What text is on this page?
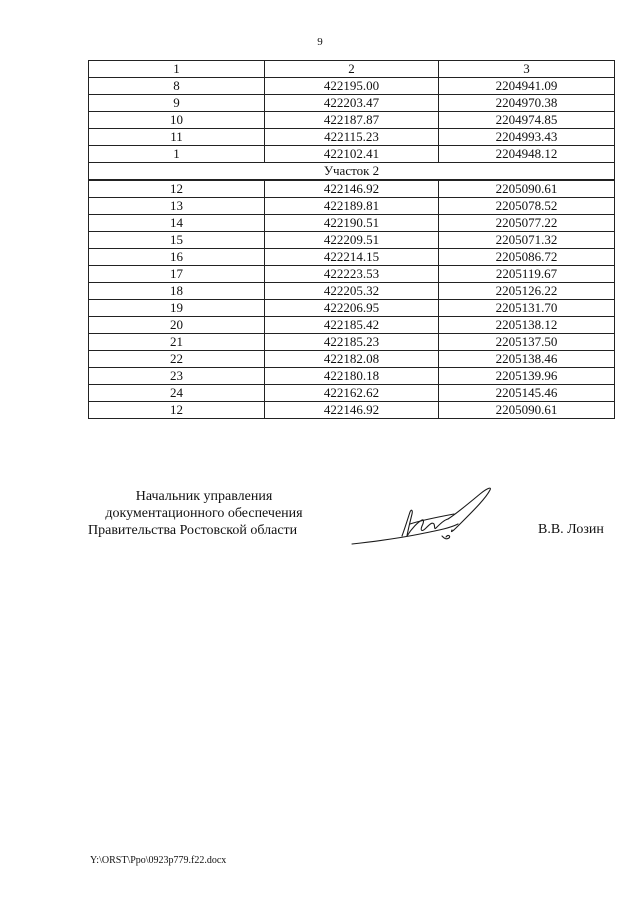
9
1	2	3
8	422195.00	2204941.09
9	422203.47	2204970.38
10	422187.87	2204974.85
11	422115.23	2204993.43
1	422102.41	2204948.12
Участок 2		
12	422146.92	2205090.61
13	422189.81	2205078.52
14	422190.51	2205077.22
15	422209.51	2205071.32
16	422214.15	2205086.72
17	422223.53	2205119.67
18	422205.32	2205126.22
19	422206.95	2205131.70
20	422185.42	2205138.12
21	422185.23	2205137.50
22	422182.08	2205138.46
23	422180.18	2205139.96
24	422162.62	2205145.46
12	422146.92	2205090.61
Начальник управления
документационного обеспечения
Правительства Ростовской области	В.В. Лозин
Y:\ORST\Ppo\0923p779.f22.docx
